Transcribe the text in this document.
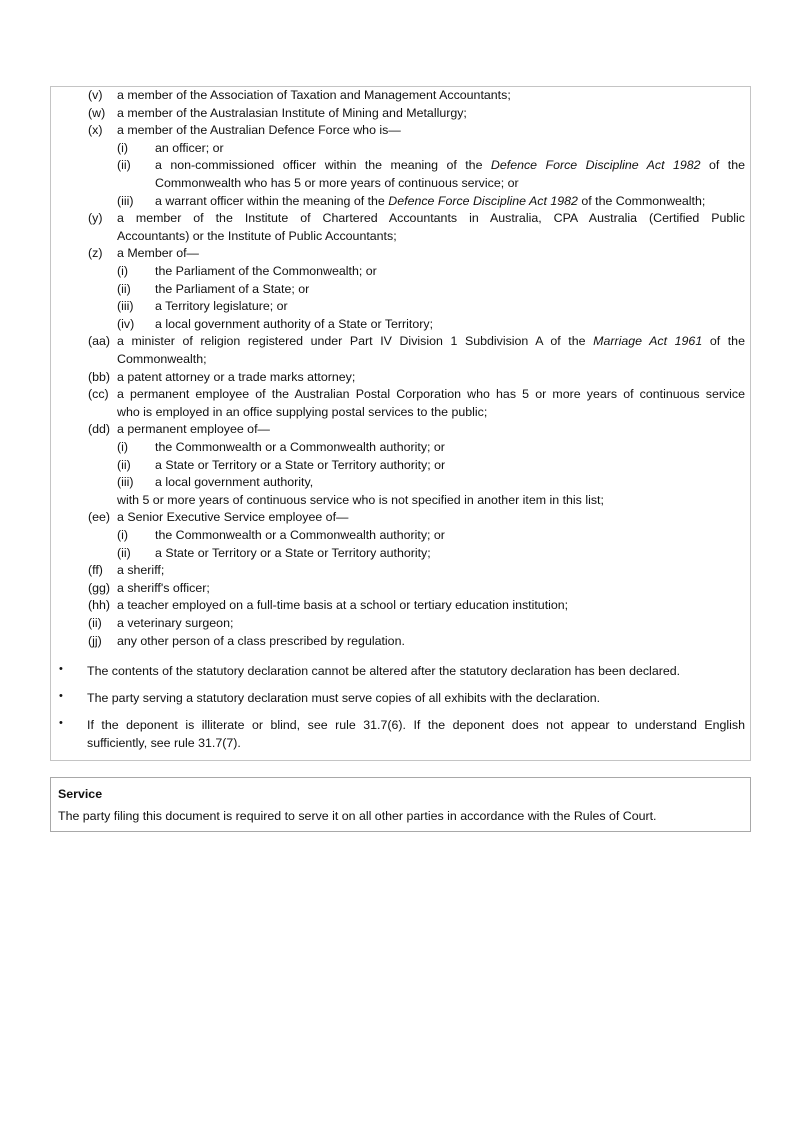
(v) a member of the Association of Taxation and Management Accountants;
(w) a member of the Australasian Institute of Mining and Metallurgy;
(x) a member of the Australian Defence Force who is—
(i) an officer; or
(ii) a non-commissioned officer within the meaning of the Defence Force Discipline Act 1982 of the
Commonwealth who has 5 or more years of continuous service; or
(iii) a warrant officer within the meaning of the Defence Force Discipline Act 1982 of the Commonwealth;
(y) a member of the Institute of Chartered Accountants in Australia, CPA Australia (Certified Public
Accountants) or the Institute of Public Accountants;
(z) a Member of—
(i) the Parliament of the Commonwealth; or
(ii) the Parliament of a State; or
(iii) a Territory legislature; or
(iv) a local government authority of a State or Territory;
(aa) a minister of religion registered under Part IV Division 1 Subdivision A of the Marriage Act 1961 of the
Commonwealth;
(bb) a patent attorney or a trade marks attorney;
(cc) a permanent employee of the Australian Postal Corporation who has 5 or more years of continuous service
who is employed in an office supplying postal services to the public;
(dd) a permanent employee of—
(i) the Commonwealth or a Commonwealth authority; or
(ii) a State or Territory or a State or Territory authority; or
(iii) a local government authority,
with 5 or more years of continuous service who is not specified in another item in this list;
(ee) a Senior Executive Service employee of—
(i) the Commonwealth or a Commonwealth authority; or
(ii) a State or Territory or a State or Territory authority;
(ff) a sheriff;
(gg) a sheriff's officer;
(hh) a teacher employed on a full-time basis at a school or tertiary education institution;
(ii) a veterinary surgeon;
(jj) any other person of a class prescribed by regulation.
• The contents of the statutory declaration cannot be altered after the statutory declaration has been declared.
• The party serving a statutory declaration must serve copies of all exhibits with the declaration.
• If the deponent is illiterate or blind, see rule 31.7(6). If the deponent does not appear to understand English
sufficiently, see rule 31.7(7).
Service
The party filing this document is required to serve it on all other parties in accordance with the Rules of Court.
